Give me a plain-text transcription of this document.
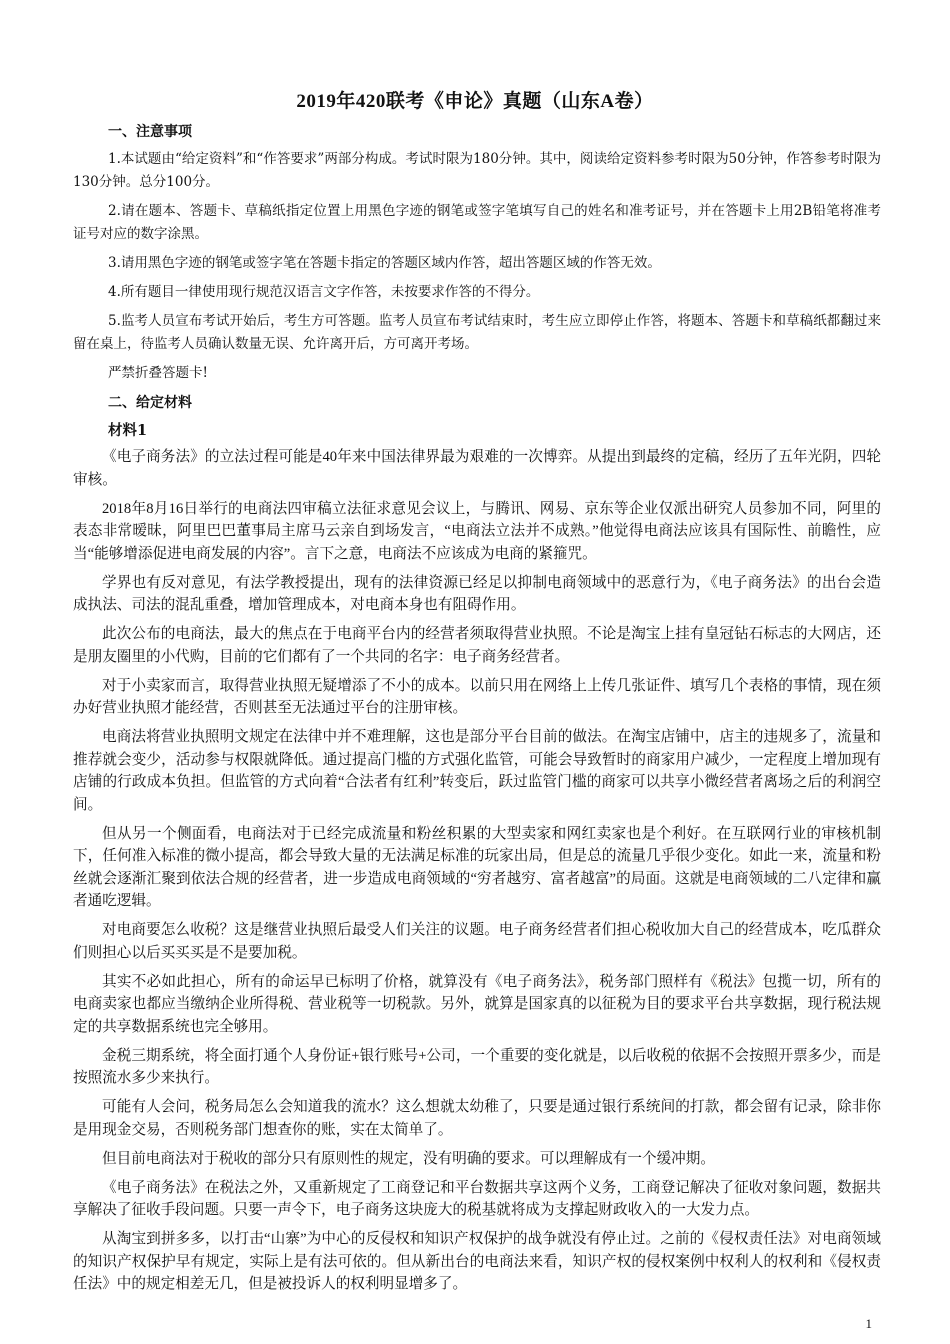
2019年420联考《申论》真题（山东A卷）
一、注意事项

1.本试题由“给定资料”和“作答要求”两部分构成。考试时限为180分钟。其中，阅读给定资料参考时限为50分钟，作答参考时限为130分钟。总分100分。

2.请在题本、答题卡、草稿纸指定位置上用黑色字迹的钢笔或签字笔填写自己的姓名和准考证号，并在答题卡上用2B铅笔将准考证号对应的数字涂黑。

3.请用黑色字迹的钢笔或签字笔在答题卡指定的答题区域内作答，超出答题区域的作答无效。

4.所有题目一律使用现行规范汉语言文字作答，未按要求作答的不得分。

5.监考人员宣布考试开始后，考生方可答题。监考人员宣布考试结束时，考生应立即停止作答，将题本、答题卡和草稿纸都翻过来留在桌上，待监考人员确认数量无误、允许离开后，方可离开考场。

严禁折叠答题卡!

二、给定材料
材料1

《电子商务法》的立法过程可能是40年来中国法律界最为艰难的一次博弈。从提出到最终的定稿，经历了五年光阴，四轮审核。

2018年8月16日举行的电商法四审稿立法征求意见会议上，与腾讯、网易、京东等企业仅派出研究人员参加不同，阿里的表态非常暧昧，阿里巴巴董事局主席马云亲自到场发言，“电商法立法并不成熟。”他觉得电商法应该具有国际性、前瞻性，应当“能够增添促进电商发展的内容”。言下之意，电商法不应该成为电商的紧箍咒。

学界也有反对意见，有法学教授提出，现有的法律资源已经足以抑制电商领域中的恶意行为，《电子商务法》的出台会造成执法、司法的混乱重叠，增加管理成本，对电商本身也有阻碍作用。

此次公布的电商法，最大的焦点在于电商平台内的经营者须取得营业执照。不论是淘宝上挂有皇冠钻石标志的大网店，还是朋友圈里的小代购，目前的它们都有了一个共同的名字：电子商务经营者。

对于小卖家而言，取得营业执照无疑增添了不小的成本。以前只用在网络上上传几张证件、填写几个表格的事情，现在须办好营业执照才能经营，否则甚至无法通过平台的注册审核。

电商法将营业执照明文规定在法律中并不难理解，这也是部分平台目前的做法。在淘宝店铺中，店主的违规多了，流量和推荐就会变少，活动参与权限就降低。通过提高门槛的方式强化监管，可能会导致暂时的商家用户减少，一定程度上增加现有店铺的行政成本负担。但监管的方式向着“合法者有红利”转变后，跃过监管门槛的商家可以共享小微经营者离场之后的利润空间。

但从另一个侧面看，电商法对于已经完成流量和粉丝积累的大型卖家和网红卖家也是个利好。在互联网行业的审核机制下，任何准入标准的微小提高，都会导致大量的无法满足标准的玩家出局，但是总的流量几乎很少变化。如此一来，流量和粉丝就会逐渐汇聚到依法合规的经营者，进一步造成电商领域的“穷者越穷、富者越富”的局面。这就是电商领域的二八定律和赢者通吃逻辑。

对电商要怎么收税？这是继营业执照后最受人们关注的议题。电子商务经营者们担心税收加大自己的经营成本，吃瓜群众们则担心以后买买买是不是要加税。

其实不必如此担心，所有的命运早已标明了价格，就算没有《电子商务法》，税务部门照样有《税法》包揽一切，所有的电商卖家也都应当缴纳企业所得税、营业税等一切税款。另外，就算是国家真的以征税为目的要求平台共享数据，现行税法规定的共享数据系统也完全够用。

金税三期系统，将全面打通个人身份证+银行账号+公司，一个重要的变化就是，以后收税的依据不会按照开票多少，而是按照流水多少来执行。

可能有人会问，税务局怎么会知道我的流水？这么想就太幼稚了，只要是通过银行系统间的打款，都会留有记录，除非你是用现金交易，否则税务部门想查你的账，实在太简单了。

但目前电商法对于税收的部分只有原则性的规定，没有明确的要求。可以理解成有一个缓冲期。

《电子商务法》在税法之外，又重新规定了工商登记和平台数据共享这两个义务，工商登记解决了征收对象问题，数据共享解决了征收手段问题。只要一声令下，电子商务这块庞大的税基就将成为支撑起财政收入的一大发力点。

从淘宝到拼多多，以打击“山寨”为中心的反侵权和知识产权保护的战争就没有停止过。之前的《侵权责任法》对电商领域的知识产权保护早有规定，实际上是有法可依的。但从新出台的电商法来看，知识产权的侵权案例中权利人的权利和《侵权责任法》中的规定相差无几，但是被投诉人的权利明显增多了。

1
